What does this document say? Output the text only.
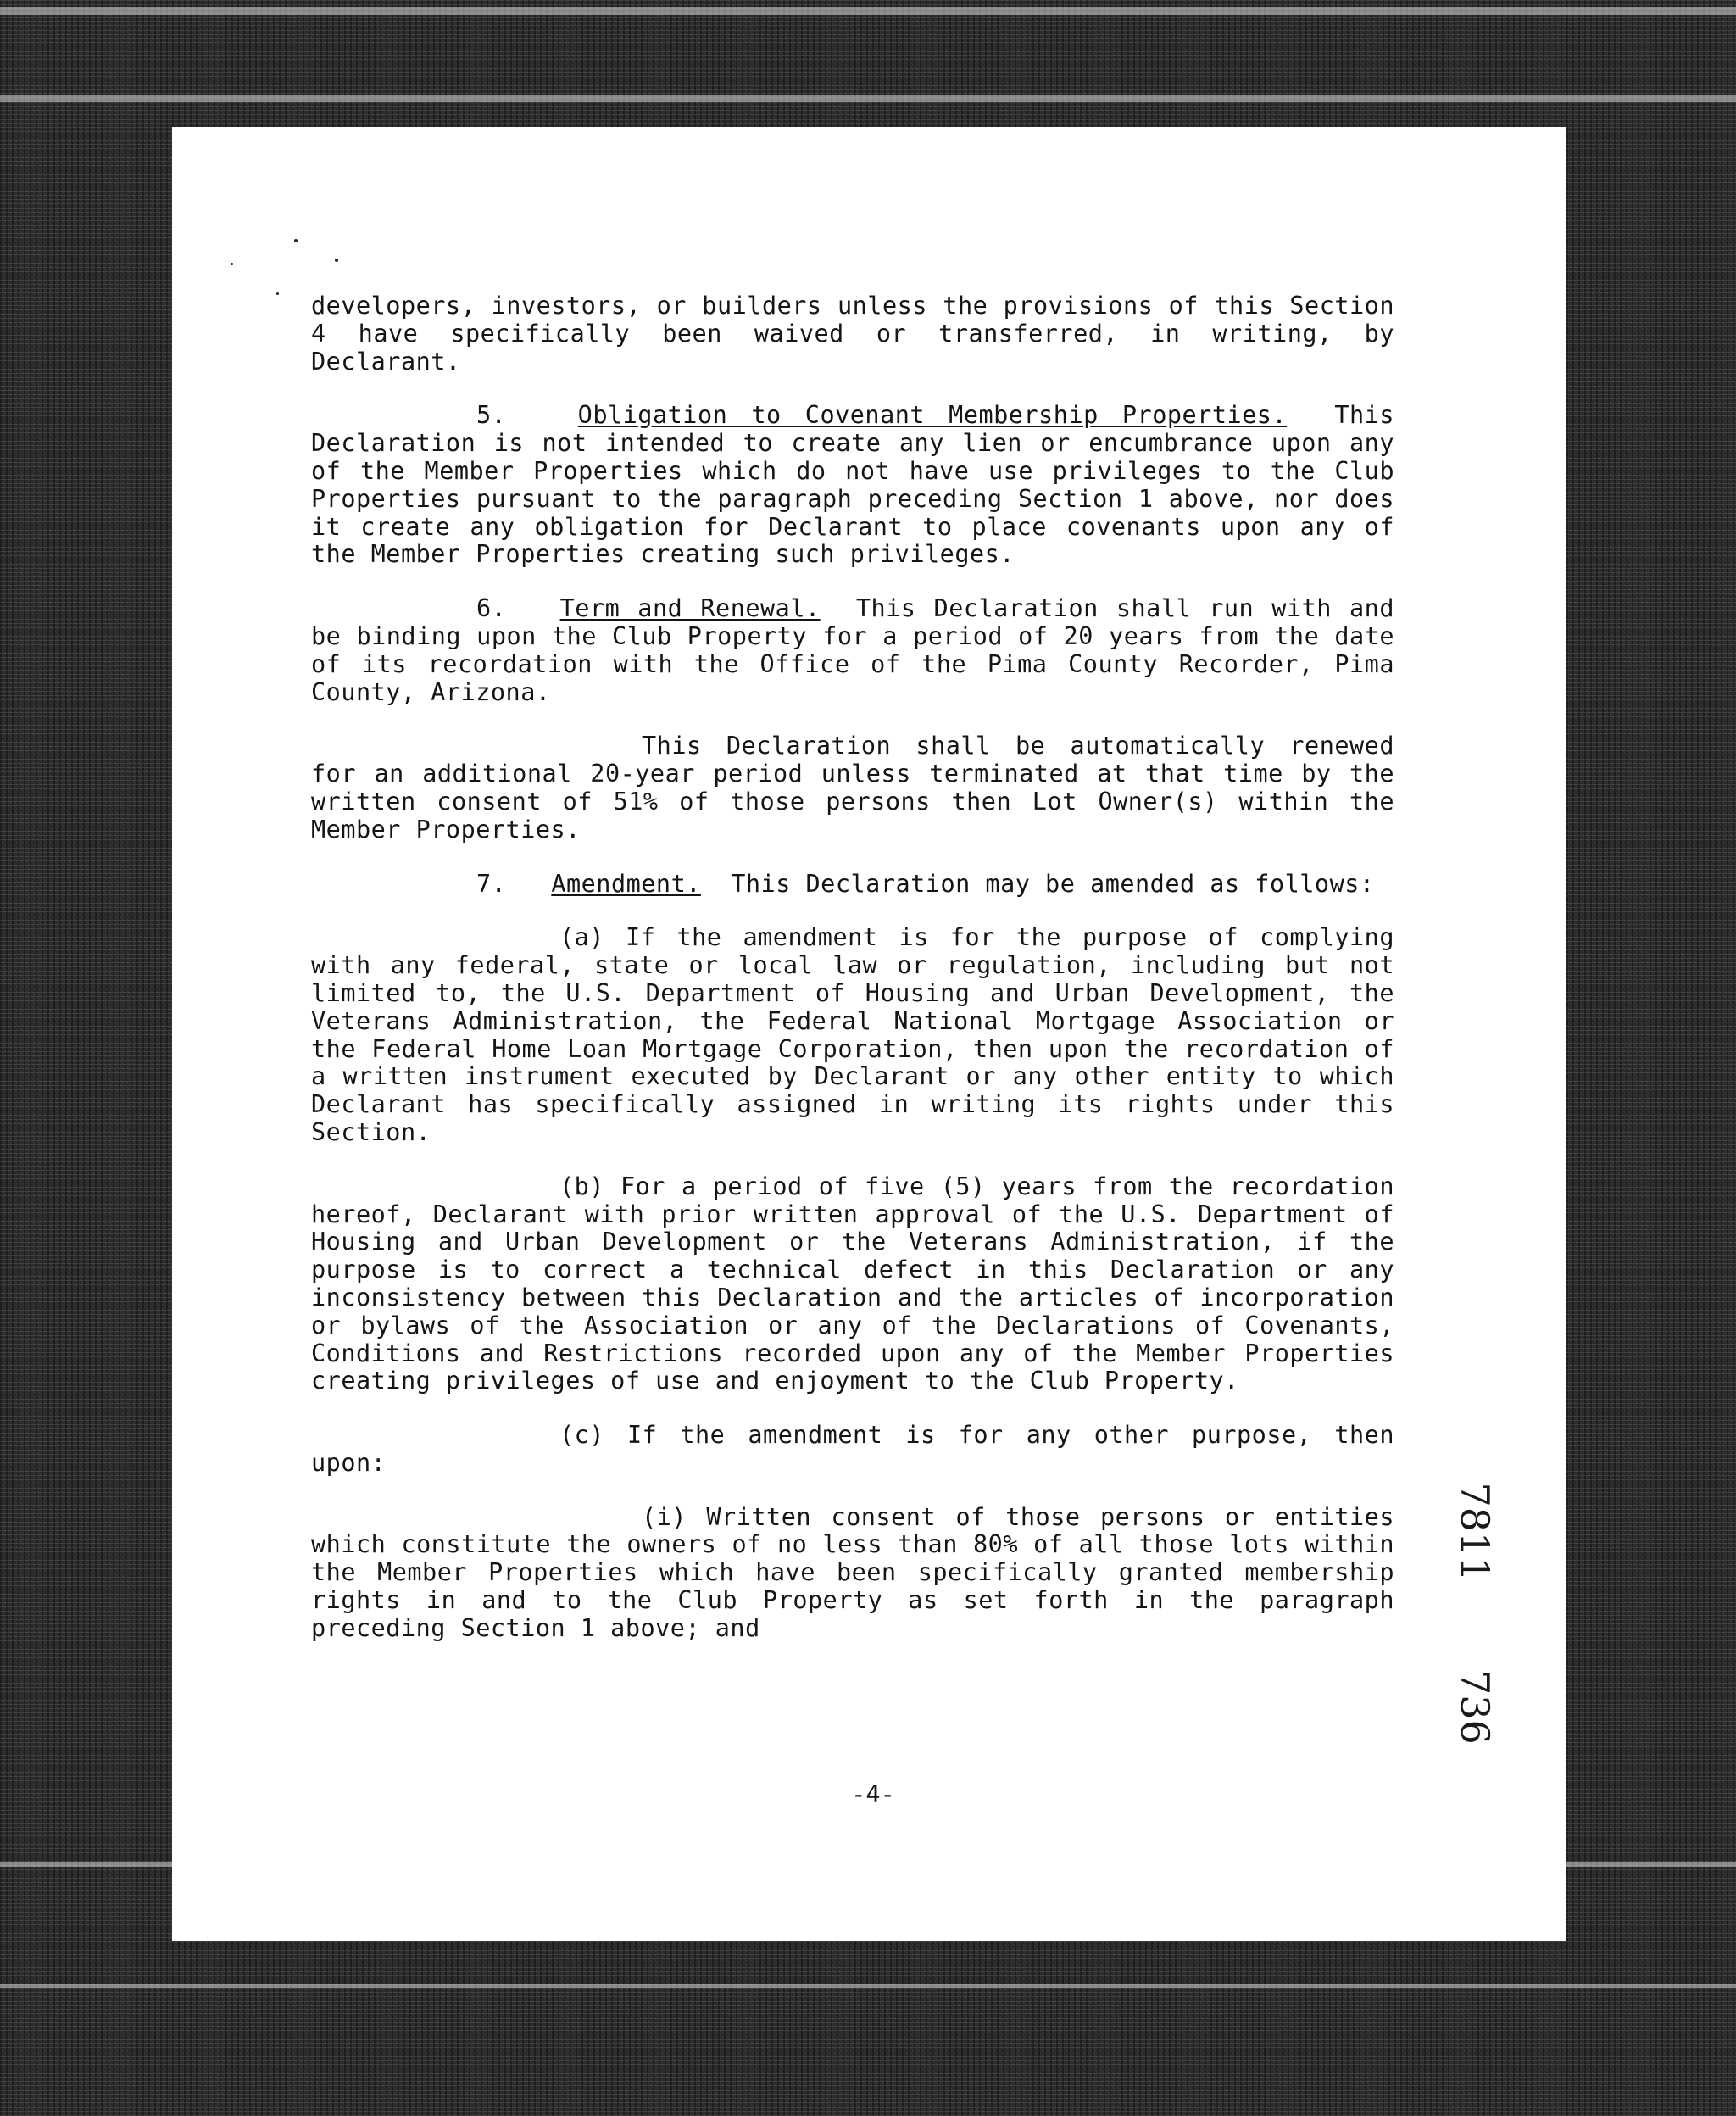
developers, investors, or builders unless the provisions of this Section 4 have specifically been waived or transferred, in writing, by Declarant.

5.	Obligation to Covenant Membership Properties. This Declaration is not intended to create any lien or encumbrance upon any of the Member Properties which do not have use privileges to the Club Properties pursuant to the paragraph preceding Section 1 above, nor does it create any obligation for Declarant to place covenants upon any of the Member Properties creating such privileges.

6. Term and Renewal. This Declaration shall run with and be binding upon the Club Property for a period of 20 years from the date of its recordation with the Office of the Pima County Recorder, Pima County, Arizona.

This Declaration shall be automatically renewed for an additional 20-year period unless terminated at that time by the written consent of 51% of those persons then Lot Owner(s) within the Member Properties.

7. Amendment. This Declaration may be amended as follows:

(a) If the amendment is for the purpose of complying with any federal, state or local law or regulation, including but not limited to, the U.S. Department of Housing and Urban Development, the Veterans Administration, the Federal National Mortgage Association or the Federal Home Loan Mortgage Corporation, then upon the recordation of a written instrument executed by Declarant or any other entity to which Declarant has specifically assigned in writing its rights under this Section.

(b) For a period of five (5) years from the recordation hereof, Declarant with prior written approval of the U.S. Department of Housing and Urban Development or the Veterans Administration, if the purpose is to correct a technical defect in this Declaration or any inconsistency between this Declaration and the articles of incorporation or bylaws of the Association or any of the Declarations of Covenants, Conditions and Restrictions recorded upon any of the Member Properties creating privileges of use and enjoyment to the Club Property.

(c) If the amendment is for any other purpose, then upon:

(i) Written consent of those persons or entities which constitute the owners of no less than 80% of all those lots within the Member Properties which have been specifically granted membership rights in and to the Club Property as set forth in the paragraph preceding Section 1 above; and

-4-
7811
736
